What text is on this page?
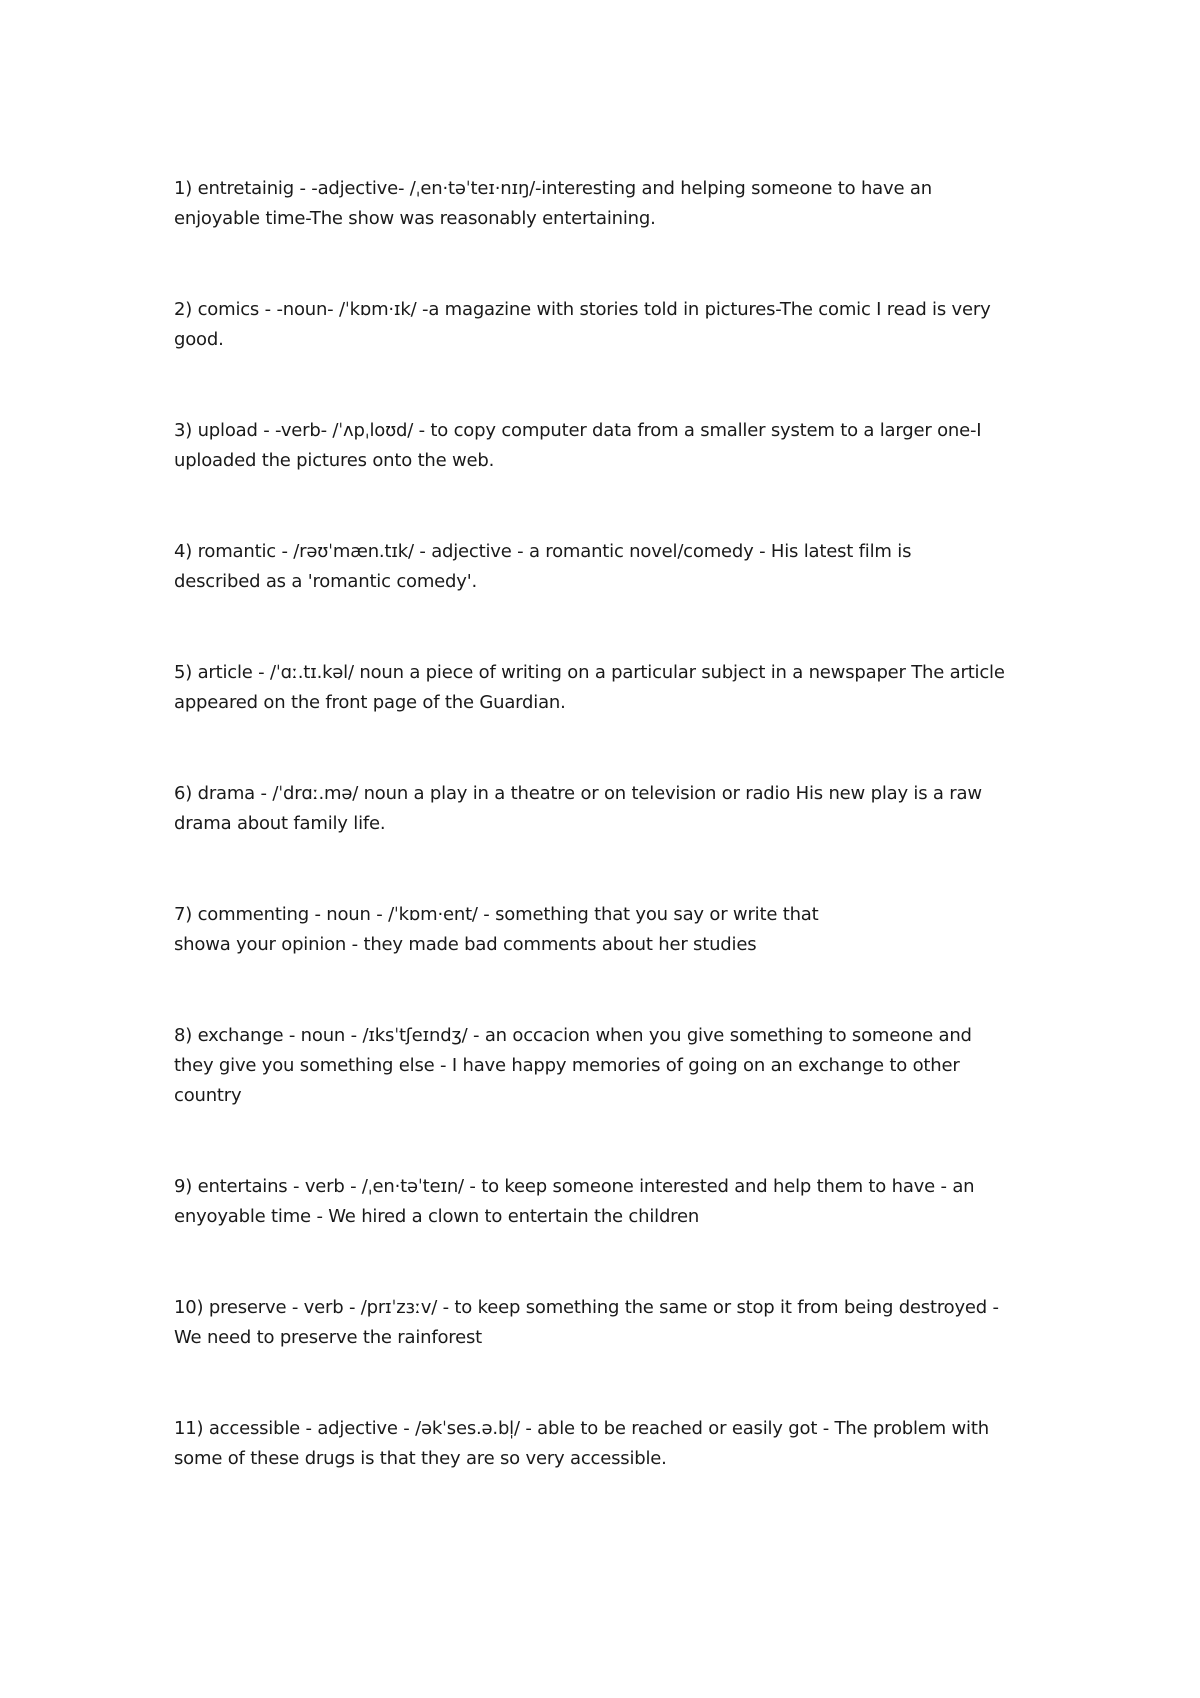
1) entretainig - -adjective- /ˌen·təˈteɪ·nɪŋ/-interesting and helping someone to have an
enjoyable time-The show was reasonably entertaining.
2) comics - -noun- /ˈkɒm·ɪk/ -a magazine with stories told in pictures-The comic I read is very
good.
3) upload - -verb- /ˈʌpˌloʊd/ - to copy computer data from a smaller system to a larger one-I
uploaded the pictures onto the web.
4) romantic - /rəʊˈmæn.tɪk/ - adjective - a romantic novel/comedy - His latest film is
described as a 'romantic comedy'.
5) article - /ˈɑː.tɪ.kəl/ noun a piece of writing on a particular subject in a newspaper The article
appeared on the front page of the Guardian.
6) drama - /ˈdrɑː.mə/ noun a play in a theatre or on television or radio His new play is a raw
drama about family life.
7) commenting - noun - /ˈkɒm·ent/ - something that you say or write that
showa your opinion - they made bad comments about her studies
8) exchange - noun - /ɪksˈtʃeɪndʒ/ - an occacion when you give something to someone and
they give you something else - I have happy memories of going on an exchange to other
country
9) entertains - verb - /ˌen·təˈteɪn/ - to keep someone interested and help them to have - an
enyoyable time - We hired a clown to entertain the children
10) preserve - verb - /prɪˈzɜːv/ - to keep something the same or stop it from being destroyed -
We need to preserve the rainforest
11) accessible - adjective - /əkˈses.ə.bl̩/ - able to be reached or easily got - The problem with
some of these drugs is that they are so very accessible.
